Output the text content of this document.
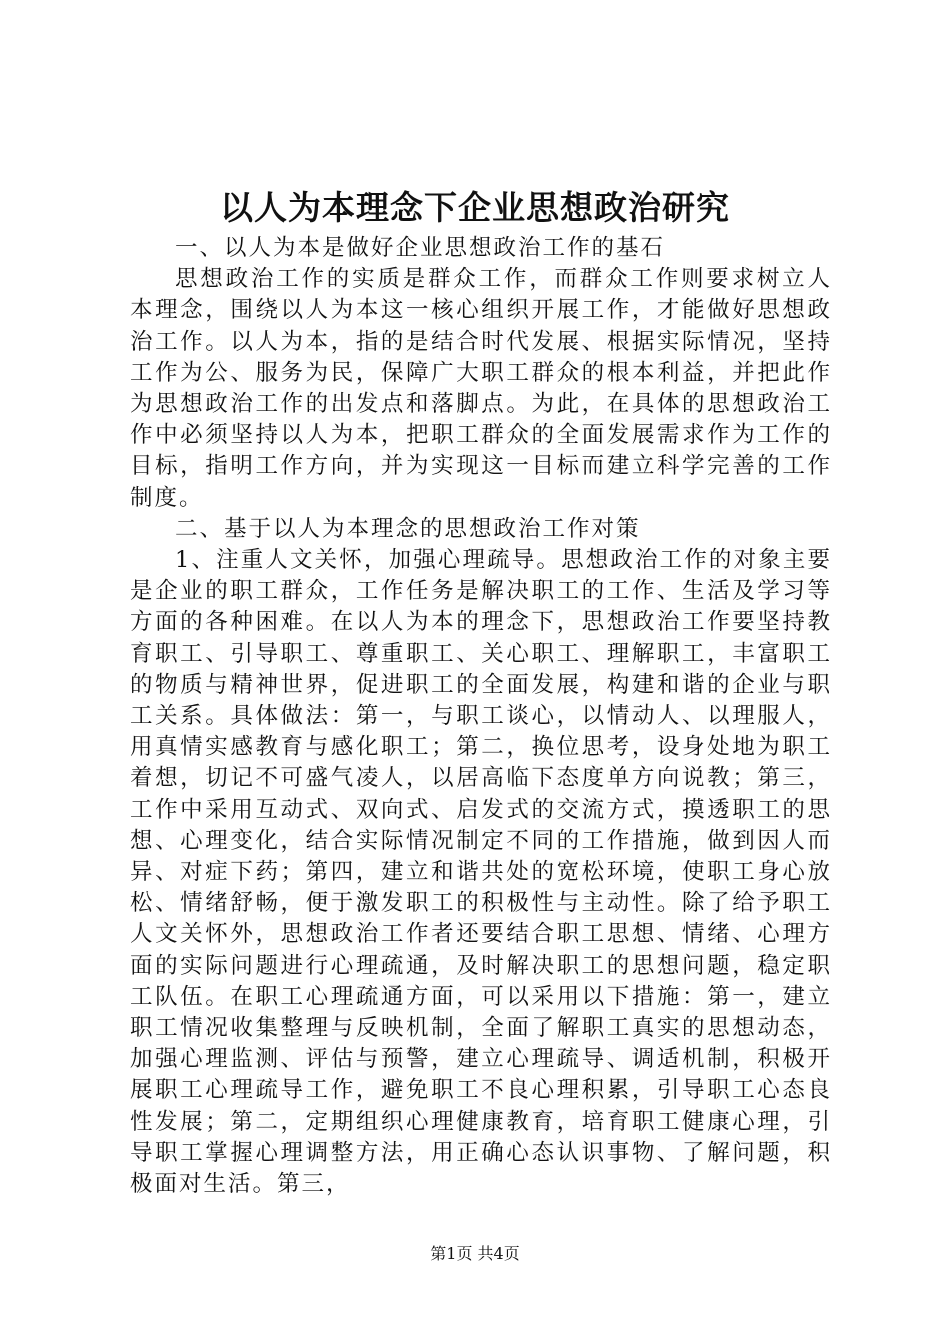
以人为本理念下企业思想政治研究

一、以人为本是做好企业思想政治工作的基石

思想政治工作的实质是群众工作，而群众工作则要求树立人本理念，围绕以人为本这一核心组织开展工作，才能做好思想政治工作。以人为本，指的是结合时代发展、根据实际情况，坚持工作为公、服务为民，保障广大职工群众的根本利益，并把此作为思想政治工作的出发点和落脚点。为此，在具体的思想政治工作中必须坚持以人为本，把职工群众的全面发展需求作为工作的目标，指明工作方向，并为实现这一目标而建立科学完善的工作制度。

二、基于以人为本理念的思想政治工作对策

1、注重人文关怀，加强心理疏导。思想政治工作的对象主要是企业的职工群众，工作任务是解决职工的工作、生活及学习等方面的各种困难。在以人为本的理念下，思想政治工作要坚持教育职工、引导职工、尊重职工、关心职工、理解职工，丰富职工的物质与精神世界，促进职工的全面发展，构建和谐的企业与职工关系。具体做法：第一，与职工谈心，以情动人、以理服人，用真情实感教育与感化职工；第二，换位思考，设身处地为职工着想，切记不可盛气凌人，以居高临下态度单方向说教；第三，工作中采用互动式、双向式、启发式的交流方式，摸透职工的思想、心理变化，结合实际情况制定不同的工作措施，做到因人而异、对症下药；第四，建立和谐共处的宽松环境，使职工身心放松、情绪舒畅，便于激发职工的积极性与主动性。除了给予职工人文关怀外，思想政治工作者还要结合职工思想、情绪、心理方面的实际问题进行心理疏通，及时解决职工的思想问题，稳定职工队伍。在职工心理疏通方面，可以采用以下措施：第一，建立职工情况收集整理与反映机制，全面了解职工真实的思想动态，加强心理监测、评估与预警，建立心理疏导、调适机制，积极开展职工心理疏导工作，避免职工不良心理积累，引导职工心态良性发展；第二，定期组织心理健康教育，培育职工健康心理，引导职工掌握心理调整方法，用正确心态认识事物、了解问题，积极面对生活。第三，

第1页 共4页
